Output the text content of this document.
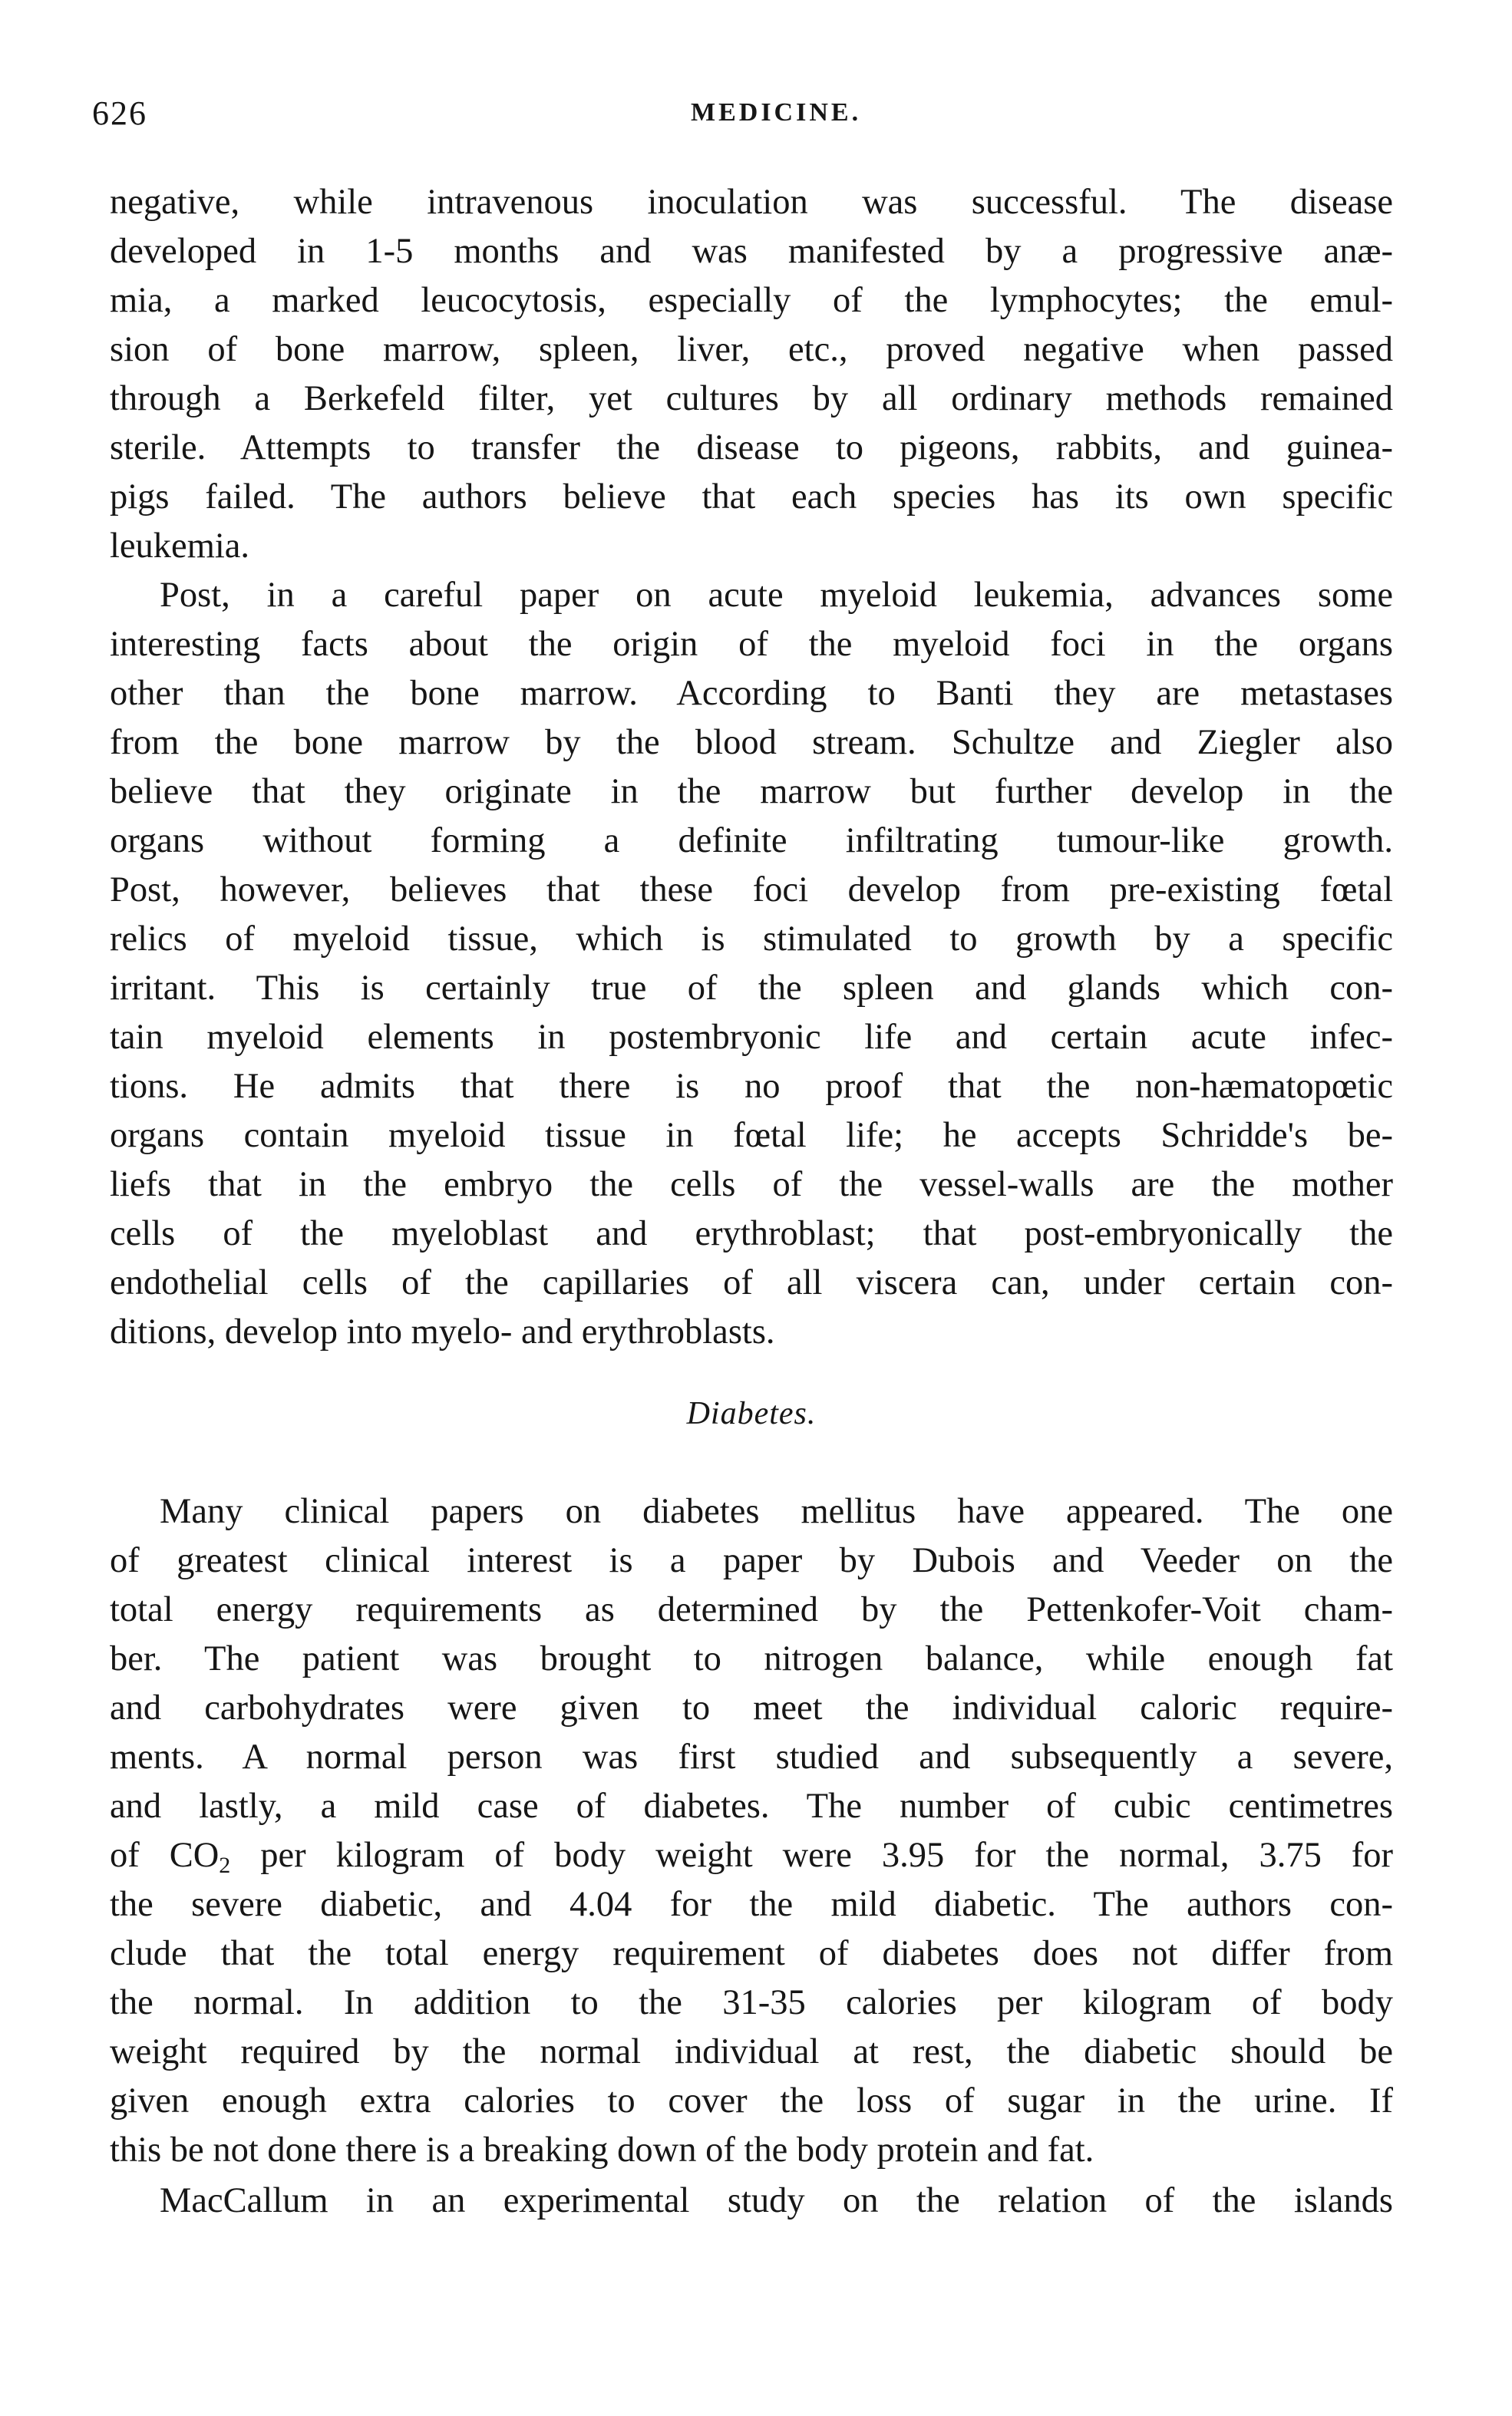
626	MEDICINE.
negative, while intravenous inoculation was successful. The disease
developed in 1-5 months and was manifested by a progressive anæ-
mia, a marked leucocytosis, especially of the lymphocytes; the emul-
sion of bone marrow, spleen, liver, etc., proved negative when passed
through a Berkefeld filter, yet cultures by all ordinary methods remained
sterile. Attempts to transfer the disease to pigeons, rabbits, and guinea-
pigs failed. The authors believe that each species has its own specific
leukemia.
Post, in a careful paper on acute myeloid leukemia, advances some
interesting facts about the origin of the myeloid foci in the organs
other than the bone marrow. According to Banti they are metastases
from the bone marrow by the blood stream. Schultze and Ziegler also
believe that they originate in the marrow but further develop in the
organs without forming a definite infiltrating tumour-like growth.
Post, however, believes that these foci develop from pre-existing fœtal
relics of myeloid tissue, which is stimulated to growth by a specific
irritant. This is certainly true of the spleen and glands which con-
tain myeloid elements in postembryonic life and certain acute infec-
tions. He admits that there is no proof that the non-hæmatopœtic
organs contain myeloid tissue in fœtal life; he accepts Schridde's be-
liefs that in the embryo the cells of the vessel-walls are the mother
cells of the myeloblast and erythroblast; that post-embryonically the
endothelial cells of the capillaries of all viscera can, under certain con-
ditions, develop into myelo- and erythroblasts.
Diabetes.
Many clinical papers on diabetes mellitus have appeared. The one
of greatest clinical interest is a paper by Dubois and Veeder on the
total energy requirements as determined by the Pettenkofer-Voit cham-
ber. The patient was brought to nitrogen balance, while enough fat
and carbohydrates were given to meet the individual caloric require-
ments. A normal person was first studied and subsequently a severe,
and lastly, a mild case of diabetes. The number of cubic centimetres
of $CO_2$ per kilogram of body weight were 3.95 for the normal, 3.75 for
the severe diabetic, and 4.04 for the mild diabetic. The authors con-
clude that the total energy requirement of diabetes does not differ from
the normal. In addition to the 31-35 calories per kilogram of body
weight required by the normal individual at rest, the diabetic should be
given enough extra calories to cover the loss of sugar in the urine. If
this be not done there is a breaking down of the body protein and fat.
MacCallum in an experimental study on the relation of the islands
